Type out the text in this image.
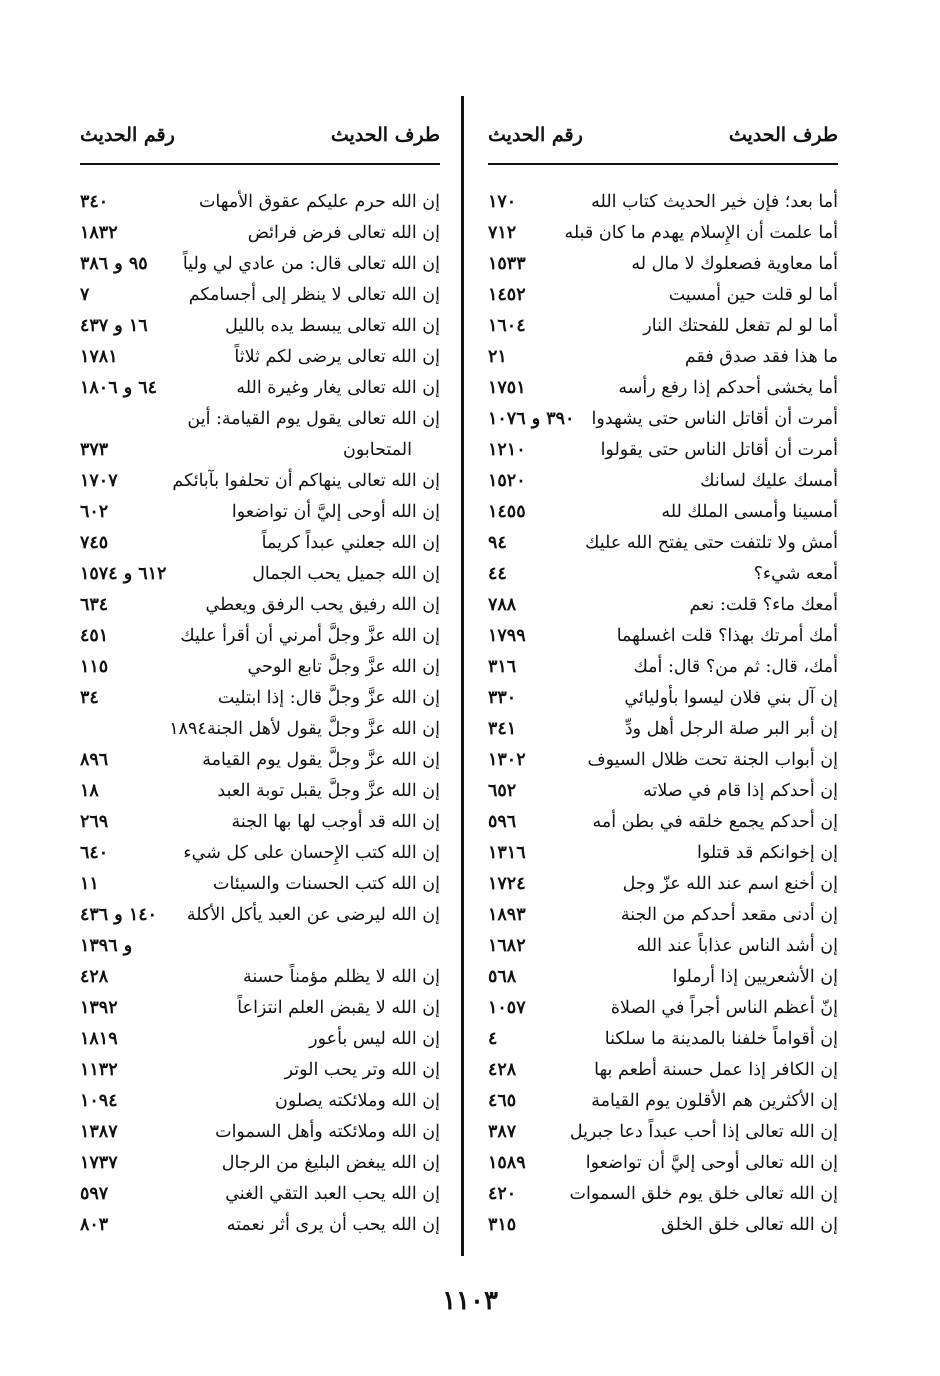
طرف الحديث
رقم الحديث
أما بعد؛ فإن خير الحديث كتاب الله
١٧٠
أما علمت أن الإِسلام يهدم ما كان قبله
٧١٢
أما معاوية فصعلوك لا مال له
١٥٣٣
أما لو قلت حين أمسيت
١٤٥٢
أما لو لم تفعل للفحتك النار
١٦٠٤
ما هذا فقد صدق فقم
٢١
أما يخشى أحدكم إذا رفع رأسه
١٧٥١
أمرت أن أقاتل الناس حتى يشهدوا
٣٩٠ و ١٠٧٦
أمرت أن أقاتل الناس حتى يقولوا
١٢١٠
أمسك عليك لسانك
١٥٢٠
أمسينا وأمسى الملك لله
١٤٥٥
أمش ولا تلتفت حتى يفتح الله عليك
٩٤
أمعه شيء؟
٤٤
أمعك ماء؟ قلت: نعم
٧٨٨
أمك أمرتك بهذا؟ قلت اغسلهما
١٧٩٩
أمك، قال: ثم من؟ قال: أمك
٣١٦
إن آل بني فلان ليسوا بأوليائي
٣٣٠
إن أبر البر صلة الرجل أهل ودِّ
٣٤١
إن أبواب الجنة تحت ظلال السيوف
١٣٠٢
إن أحدكم إذا قام في صلاته
٦٥٢
إن أحدكم يجمع خلقه في بطن أمه
٥٩٦
إن إخوانكم قد قتلوا
١٣١٦
إن أخنع اسم عند الله عزّ وجل
١٧٢٤
إن أدنى مقعد أحدكم من الجنة
١٨٩٣
إن أشد الناس عذاباً عند الله
١٦٨٢
إن الأشعريين إذا أرملوا
٥٦٨
إنّ أعظم الناس أجراً في الصلاة
١٠٥٧
إن أقواماً خلفنا بالمدينة ما سلكنا
٤
إن الكافر إذا عمل حسنة أطعم بها
٤٢٨
إن الأكثرين هم الأقلون يوم القيامة
٤٦٥
إن الله تعالى إذا أحب عبداً دعا جبريل
٣٨٧
إن الله تعالى أوحى إليَّ أن تواضعوا
١٥٨٩
إن الله تعالى خلق يوم خلق السموات
٤٢٠
إن الله تعالى خلق الخلق
٣١٥
طرف الحديث
رقم الحديث
إن الله حرم عليكم عقوق الأمهات
٣٤٠
إن الله تعالى فرض فرائض
١٨٣٢
إن الله تعالى قال: من عادي لي ولياً
٩٥ و ٣٨٦
إن الله تعالى لا ينظر إلى أجسامكم
٧
إن الله تعالى يبسط يده بالليل
١٦ و ٤٣٧
إن الله تعالى يرضى لكم ثلاثاً
١٧٨١
إن الله تعالى يغار وغيرة الله
٦٤ و ١٨٠٦
إن الله تعالى يقول يوم القيامة: أين
المتحابون
٣٧٣
إن الله تعالى ينهاكم أن تحلفوا بآبائكم
١٧٠٧
إن الله أوحى إليَّ أن تواضعوا
٦٠٢
إن الله جعلني عبداً كريماً
٧٤٥
إن الله جميل يحب الجمال
٦١٢ و ١٥٧٤
إن الله رفيق يحب الرفق ويعطي
٦٣٤
إن الله عزَّ وجلَّ أمرني أن أقرأ عليك
٤٥١
إن الله عزَّ وجلَّ تابع الوحي
١١٥
إن الله عزَّ وجلَّ قال: إذا ابتليت
٣٤
إن الله عزَّ وجلَّ يقول لأهل الجنة١٨٩٤
إن الله عزَّ وجلَّ يقول يوم القيامة
٨٩٦
إن الله عزَّ وجلَّ يقبل توبة العبد
١٨
إن الله قد أوجب لها بها الجنة
٢٦٩
إن الله كتب الإِحسان على كل شيء
٦٤٠
إن الله كتب الحسنات والسيئات
١١
إن الله ليرضى عن العبد يأكل الأكلة
١٤٠ و ٤٣٦
و ١٣٩٦
إن الله لا يظلم مؤمناً حسنة
٤٢٨
إن الله لا يقبض العلم انتزاعاً
١٣٩٢
إن الله ليس بأعور
١٨١٩
إن الله وتر يحب الوتر
١١٣٢
إن الله وملائكته يصلون
١٠٩٤
إن الله وملائكته وأهل السموات
١٣٨٧
إن الله يبغض البليغ من الرجال
١٧٣٧
إن الله يحب العبد التقي الغني
٥٩٧
إن الله يحب أن يرى أثر نعمته
٨٠٣
١١٠٣
